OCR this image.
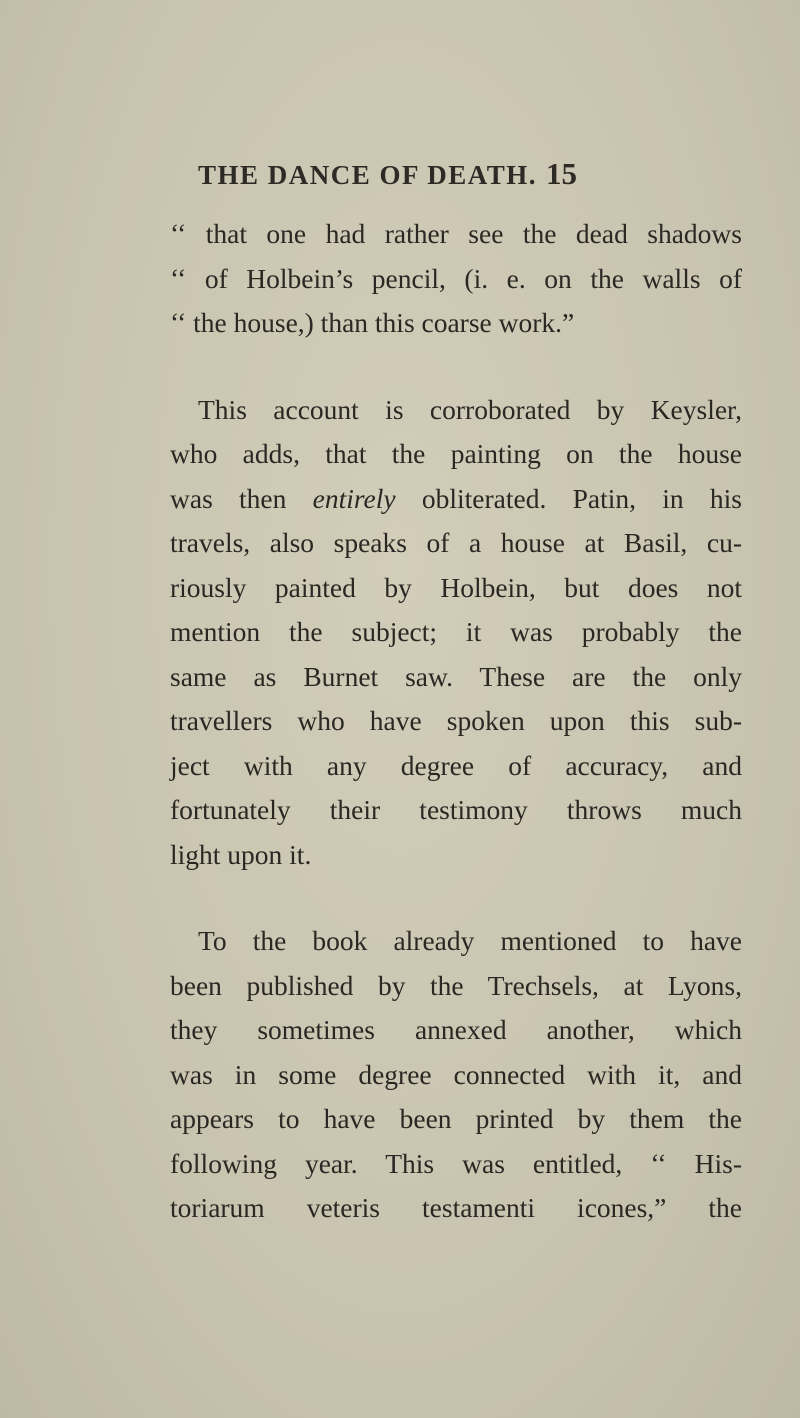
THE DANCE OF DEATH. 15
‘‘ that one had rather see the dead shadows
‘‘ of Holbein’s pencil, (i. e. on the walls of
‘‘ the house,) than this coarse work.”
This account is corroborated by Keysler,
who adds, that the painting on the house
was then entirely obliterated. Patin, in his
travels, also speaks of a house at Basil, cu-
riously painted by Holbein, but does not
mention the subject; it was probably the
same as Burnet saw. These are the only
travellers who have spoken upon this sub-
ject with any degree of accuracy, and
fortunately their testimony throws much
light upon it.
To the book already mentioned to have
been published by the Trechsels, at Lyons,
they sometimes annexed another, which
was in some degree connected with it, and
appears to have been printed by them the
following year. This was entitled, ‘‘ His-
toriarum veteris testamenti icones,” the
